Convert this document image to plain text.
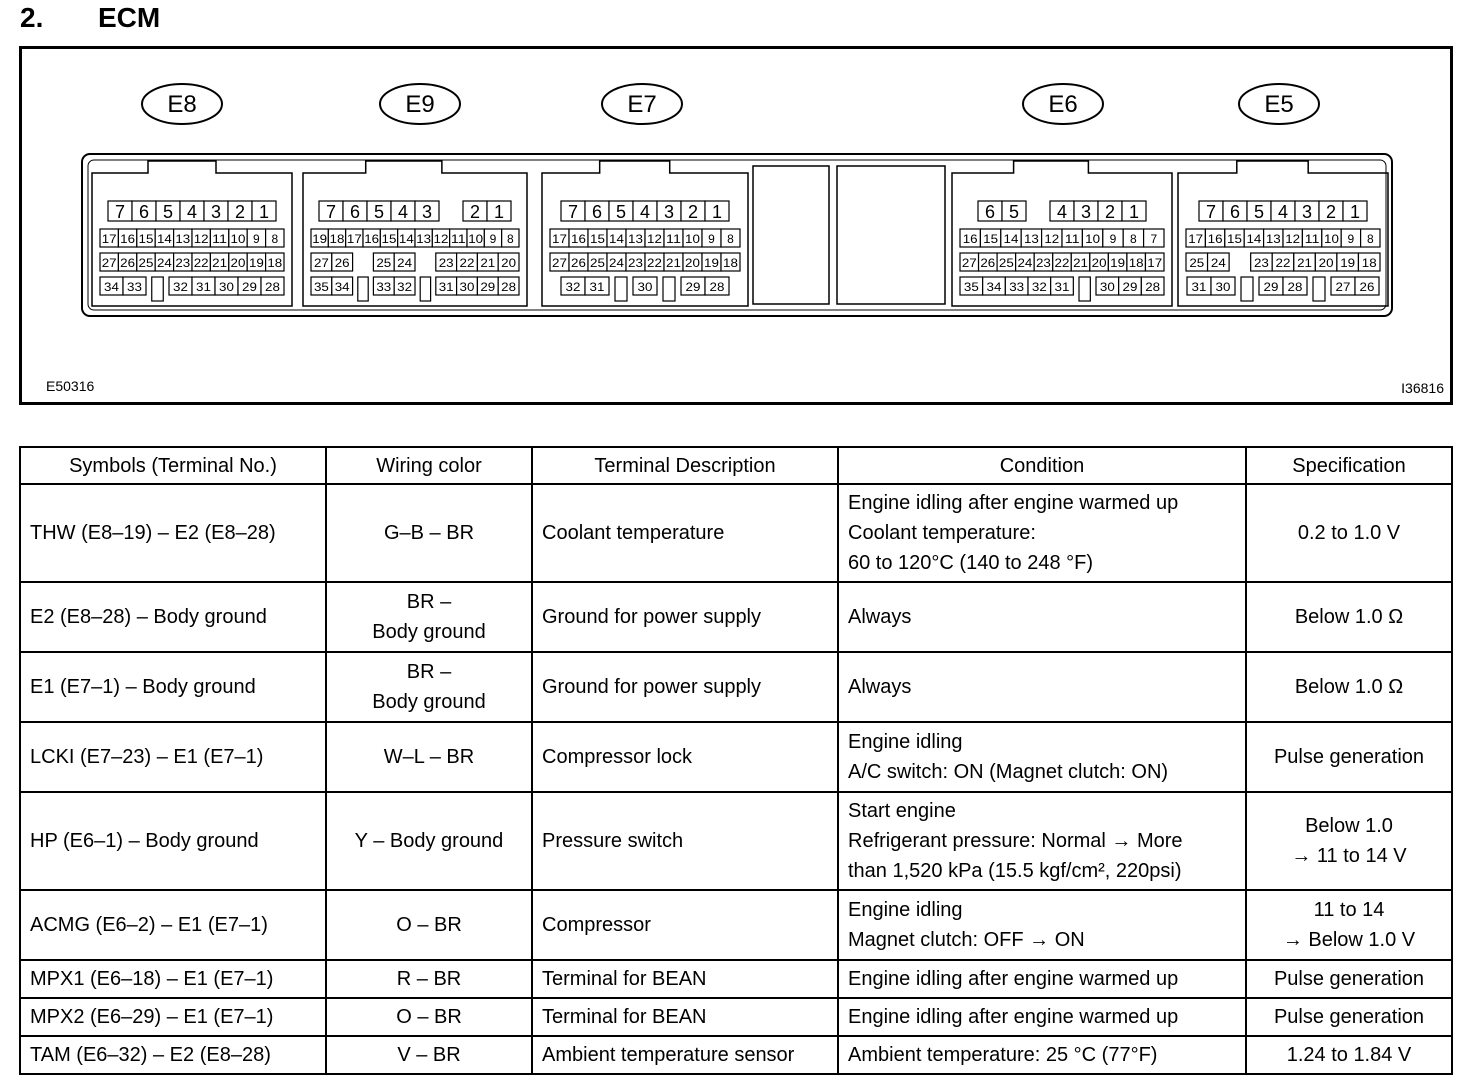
2. ECM
E8
7 6 5 4 3 2 1
17 16 15 14 13 12 11 10 9 8
27 26 25 24 23 22 21 20 19 18
34 33	32 31 30 29 28
E9
7 6 5 4 3 2 1
19 18 17 16 15 14 13 12 11 10 9 8
27 26 25 24 23 22 21 20
35 34 33 32 31 30 29 28
E7
7 6 5 4 3 2 1
17 16 15 14 13 12 11 10 9 8
27 26 25 24 23 22 21 20 19 18
32 31	30	29 28
E6
6 5 4 3 2 1
16 15 14 13 12 11 10 9 8 7
27 26 25 24 23 22 21 20 19 18 17
35 34 33 32 31	30 29 28
E5
7 6 5 4 3 2 1
17 16 15 14 13 12 11 10 9 8
25 24 23 22 21 20 19 18
31 30	29 28	27 26
E50316	I36816
Symbols (Terminal No.)	Wiring color	Terminal Description	Condition	Specification
THW (E8–19) – E2 (E8–28)	G–B – BR	Coolant temperature	Engine idling after engine warmed up
Coolant temperature:
60 to 120°C (140 to 248 °F)	0.2 to 1.0 V
E2 (E8–28) – Body ground	BR –
Body ground	Ground for power supply	Always	Below 1.0 Ω
E1 (E7–1) – Body ground	BR –
Body ground	Ground for power supply	Always	Below 1.0 Ω
LCKI (E7–23) – E1 (E7–1)	W–L – BR	Compressor lock	Engine idling
A/C switch: ON (Magnet clutch: ON)	Pulse generation
HP (E6–1) – Body ground	Y – Body ground	Pressure switch	Start engine
Refrigerant pressure: Normal → More
than 1,520 kPa (15.5 kgf/cm², 220psi)	Below 1.0
→ 11 to 14 V
ACMG (E6–2) – E1 (E7–1)	O – BR	Compressor	Engine idling
Magnet clutch: OFF → ON	11 to 14
→ Below 1.0 V
MPX1 (E6–18) – E1 (E7–1)	R – BR	Terminal for BEAN	Engine idling after engine warmed up	Pulse generation
MPX2 (E6–29) – E1 (E7–1)	O – BR	Terminal for BEAN	Engine idling after engine warmed up	Pulse generation
TAM (E6–32) – E2 (E8–28)	V – BR	Ambient temperature sensor	Ambient temperature: 25 °C (77°F)	1.24 to 1.84 V
